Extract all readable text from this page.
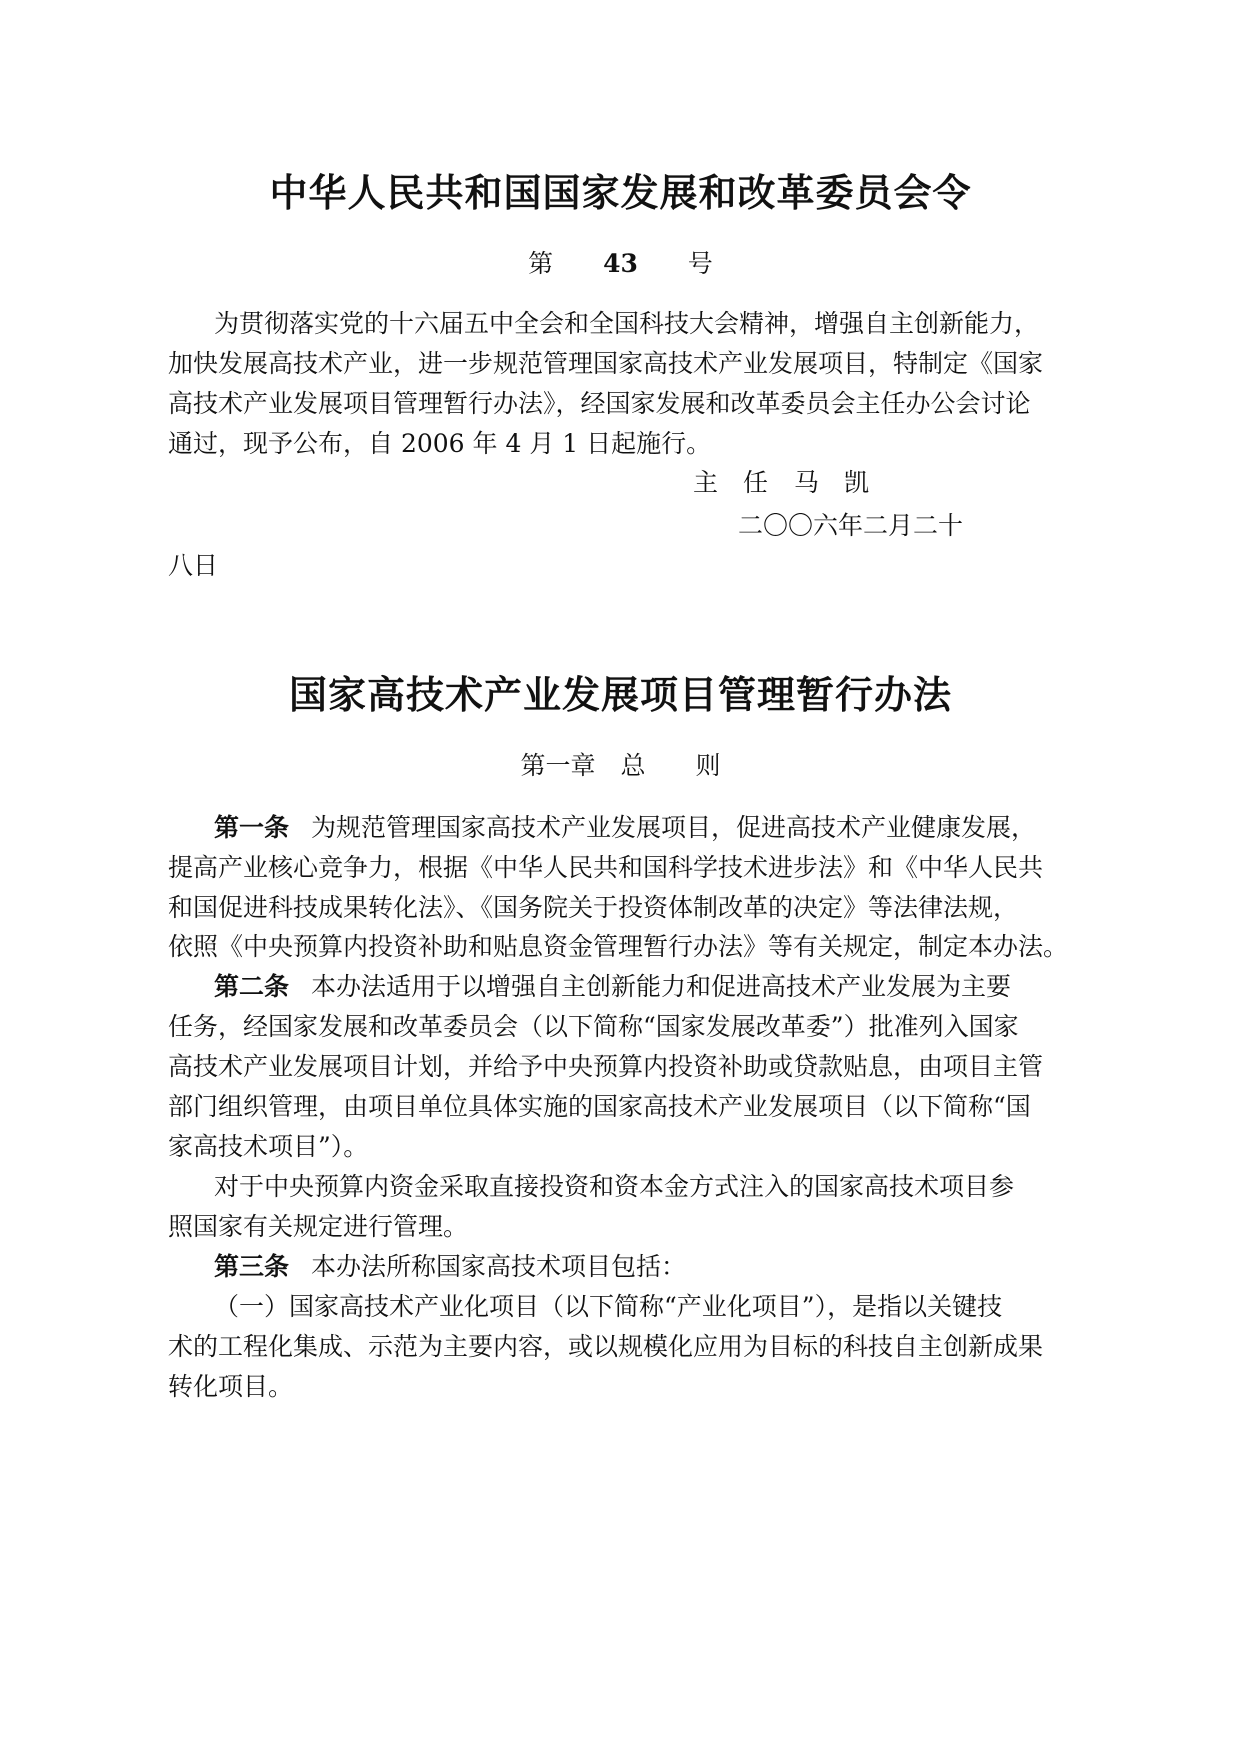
中华人民共和国国家发展和改革委员会令
第 43 号
为贯彻落实党的十六届五中全会和全国科技大会精神，增强自主创新能力，
加快发展高技术产业，进一步规范管理国家高技术产业发展项目，特制定《国家
高技术产业发展项目管理暂行办法》，经国家发展和改革委员会主任办公会讨论
通过，现予公布，自 2006 年 4 月 1 日起施行。
主　任 马　凯
二〇〇六年二月二十
八日
国家高技术产业发展项目管理暂行办法
第一章　总　　则
第一条 为规范管理国家高技术产业发展项目，促进高技术产业健康发展，
提高产业核心竞争力，根据《中华人民共和国科学技术进步法》和《中华人民共
和国促进科技成果转化法》、《国务院关于投资体制改革的决定》等法律法规，
依照《中央预算内投资补助和贴息资金管理暂行办法》等有关规定，制定本办法。
第二条 本办法适用于以增强自主创新能力和促进高技术产业发展为主要
任务，经国家发展和改革委员会（以下简称“国家发展改革委”）批准列入国家
高技术产业发展项目计划，并给予中央预算内投资补助或贷款贴息，由项目主管
部门组织管理，由项目单位具体实施的国家高技术产业发展项目（以下简称“国
家高技术项目”）。
对于中央预算内资金采取直接投资和资本金方式注入的国家高技术项目参
照国家有关规定进行管理。
第三条 本办法所称国家高技术项目包括：
（一）国家高技术产业化项目（以下简称“产业化项目”），是指以关键技
术的工程化集成、示范为主要内容，或以规模化应用为目标的科技自主创新成果
转化项目。
